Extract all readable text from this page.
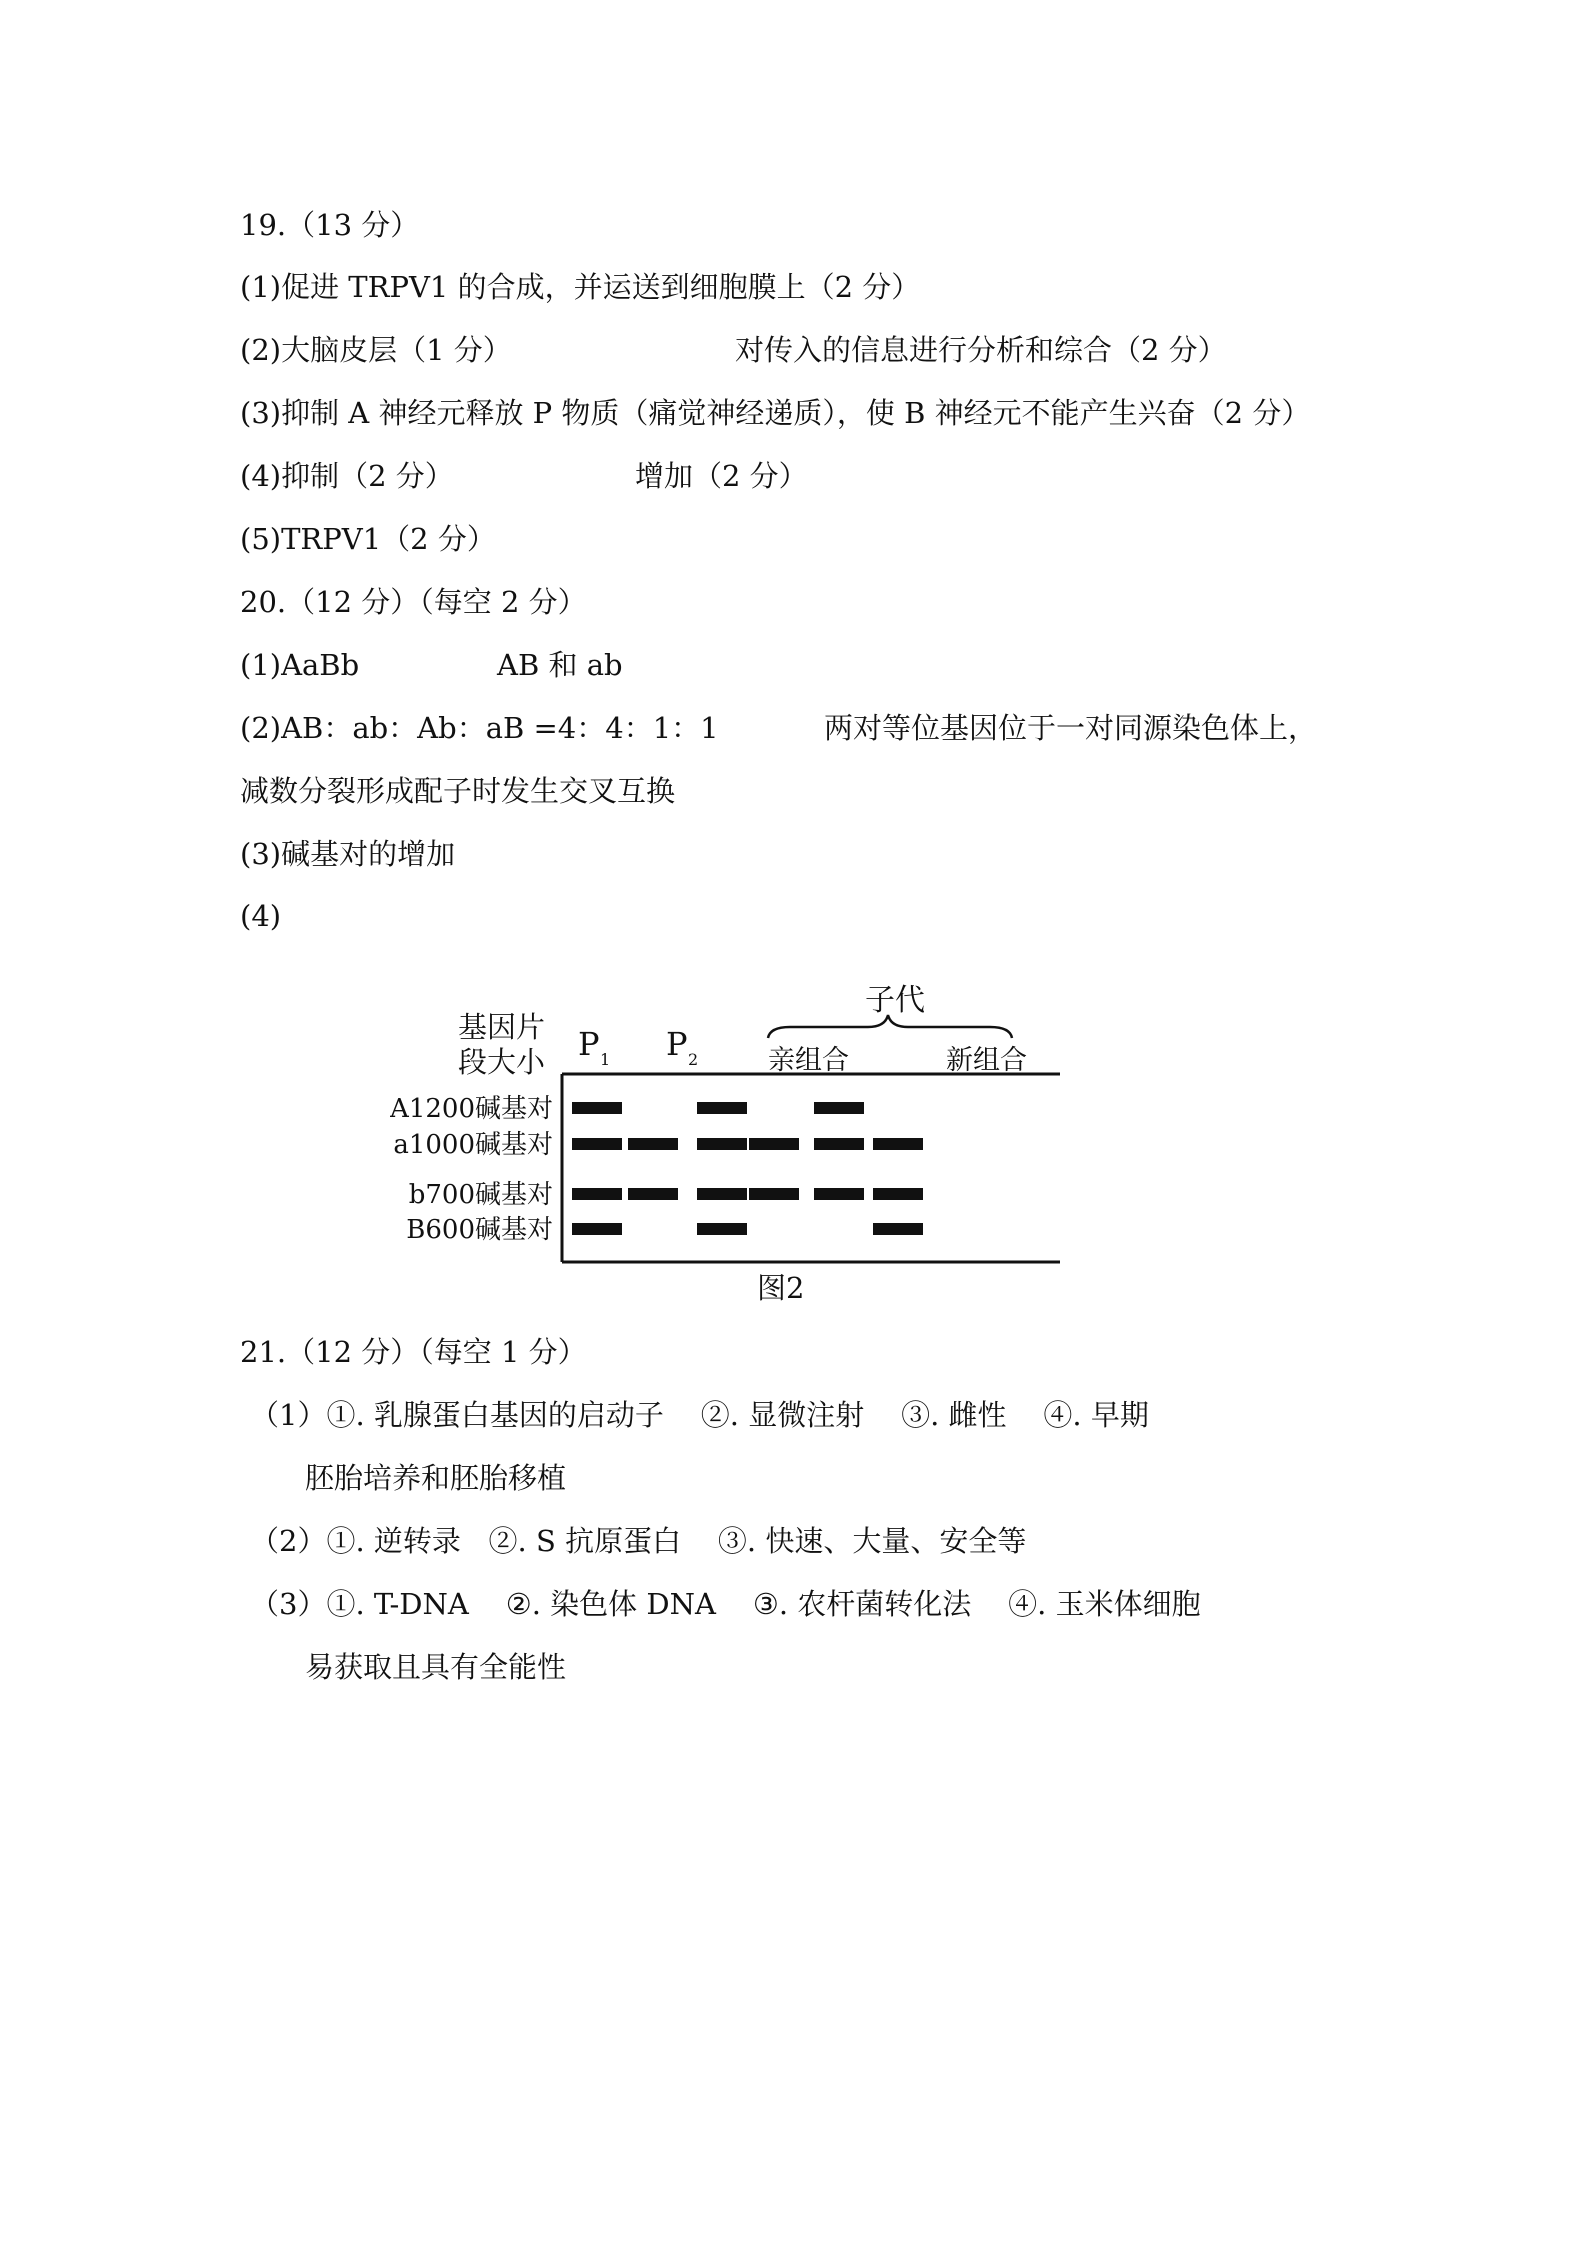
19.（13 分）
(1)促进 TRPV1 的合成，并运送到细胞膜上（2 分）
(2)大脑皮层（1 分）	对传入的信息进行分析和综合（2 分）
(3)抑制 A 神经元释放 P 物质（痛觉神经递质），使 B 神经元不能产生兴奋（2 分）
(4)抑制（2 分）	增加（2 分）
(5)TRPV1（2 分）
20.（12 分）（每空 2 分）
(1)AaBb	AB 和 ab
(2)AB：ab：Ab：aB =4：4：1：1	两对等位基因位于一对同源染色体上，
减数分裂形成配子时发生交叉互换
(3)碱基对的增加
(4)
基因片
段大小 P 1 P 2
子代
亲组合	新组合
A1200碱基对
a1000碱基对
b700碱基对
B600碱基对
图2
21.（12 分）（每空 1 分）
（1）①. 乳腺蛋白基因的启动子    ②. 显微注射    ③. 雌性    ④. 早期
胚胎培养和胚胎移植
（2）①. 逆转录   ②. S 抗原蛋白    ③. 快速、大量、安全等
（3）①. T-DNA    ②. 染色体 DNA    ③. 农杆菌转化法    ④. 玉米体细胞
易获取且具有全能性
